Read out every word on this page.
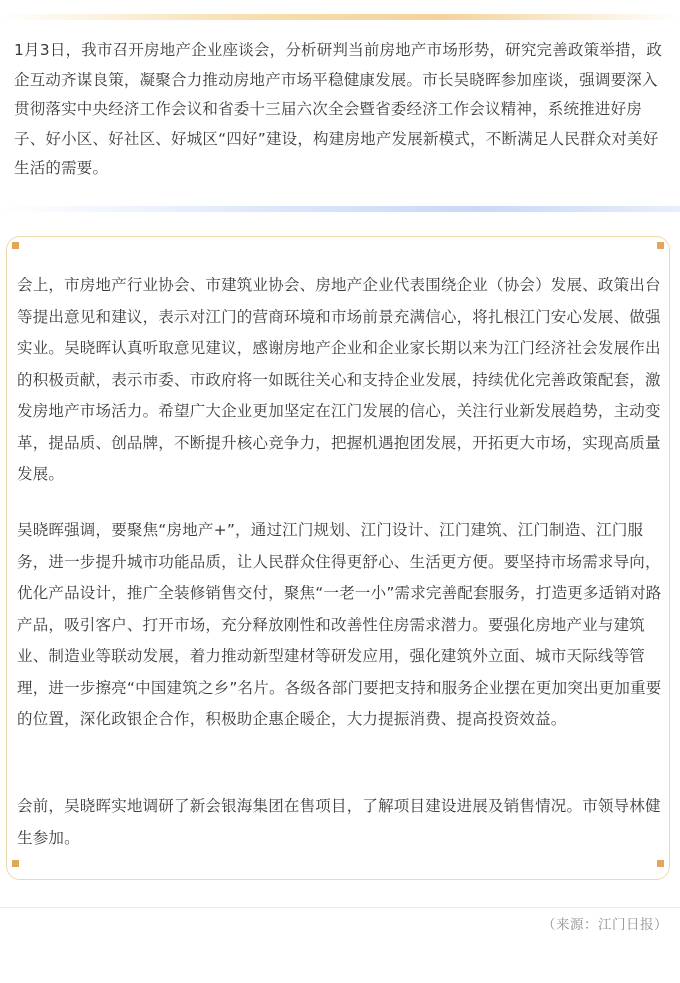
1月3日，我市召开房地产企业座谈会，分析研判当前房地产市场形势，研究完善政策举措，政企互动齐谋良策，凝聚合力推动房地产市场平稳健康发展。市长吴晓晖参加座谈，强调要深入贯彻落实中央经济工作会议和省委十三届六次全会暨省委经济工作会议精神，系统推进好房子、好小区、好社区、好城区“四好”建设，构建房地产发展新模式，不断满足人民群众对美好生活的需要。

会上，市房地产行业协会、市建筑业协会、房地产企业代表围绕企业（协会）发展、政策出台等提出意见和建议，表示对江门的营商环境和市场前景充满信心，将扎根江门安心发展、做强实业。吴晓晖认真听取意见建议，感谢房地产企业和企业家长期以来为江门经济社会发展作出的积极贡献，表示市委、市政府将一如既往关心和支持企业发展，持续优化完善政策配套，激发房地产市场活力。希望广大企业更加坚定在江门发展的信心，关注行业新发展趋势，主动变革，提品质、创品牌，不断提升核心竞争力，把握机遇抱团发展，开拓更大市场，实现高质量发展。

吴晓晖强调，要聚焦“房地产+”，通过江门规划、江门设计、江门建筑、江门制造、江门服务，进一步提升城市功能品质，让人民群众住得更舒心、生活更方便。要坚持市场需求导向，优化产品设计，推广全装修销售交付，聚焦“一老一小”需求完善配套服务，打造更多适销对路产品，吸引客户、打开市场，充分释放刚性和改善性住房需求潜力。要强化房地产业与建筑业、制造业等联动发展，着力推动新型建材等研发应用，强化建筑外立面、城市天际线等管理，进一步擦亮“中国建筑之乡”名片。各级各部门要把支持和服务企业摆在更加突出更加重要的位置，深化政银企合作，积极助企惠企暖企，大力提振消费、提高投资效益。

会前，吴晓晖实地调研了新会银海集团在售项目，了解项目建设进展及销售情况。市领导林健生参加。

（来源：江门日报）
